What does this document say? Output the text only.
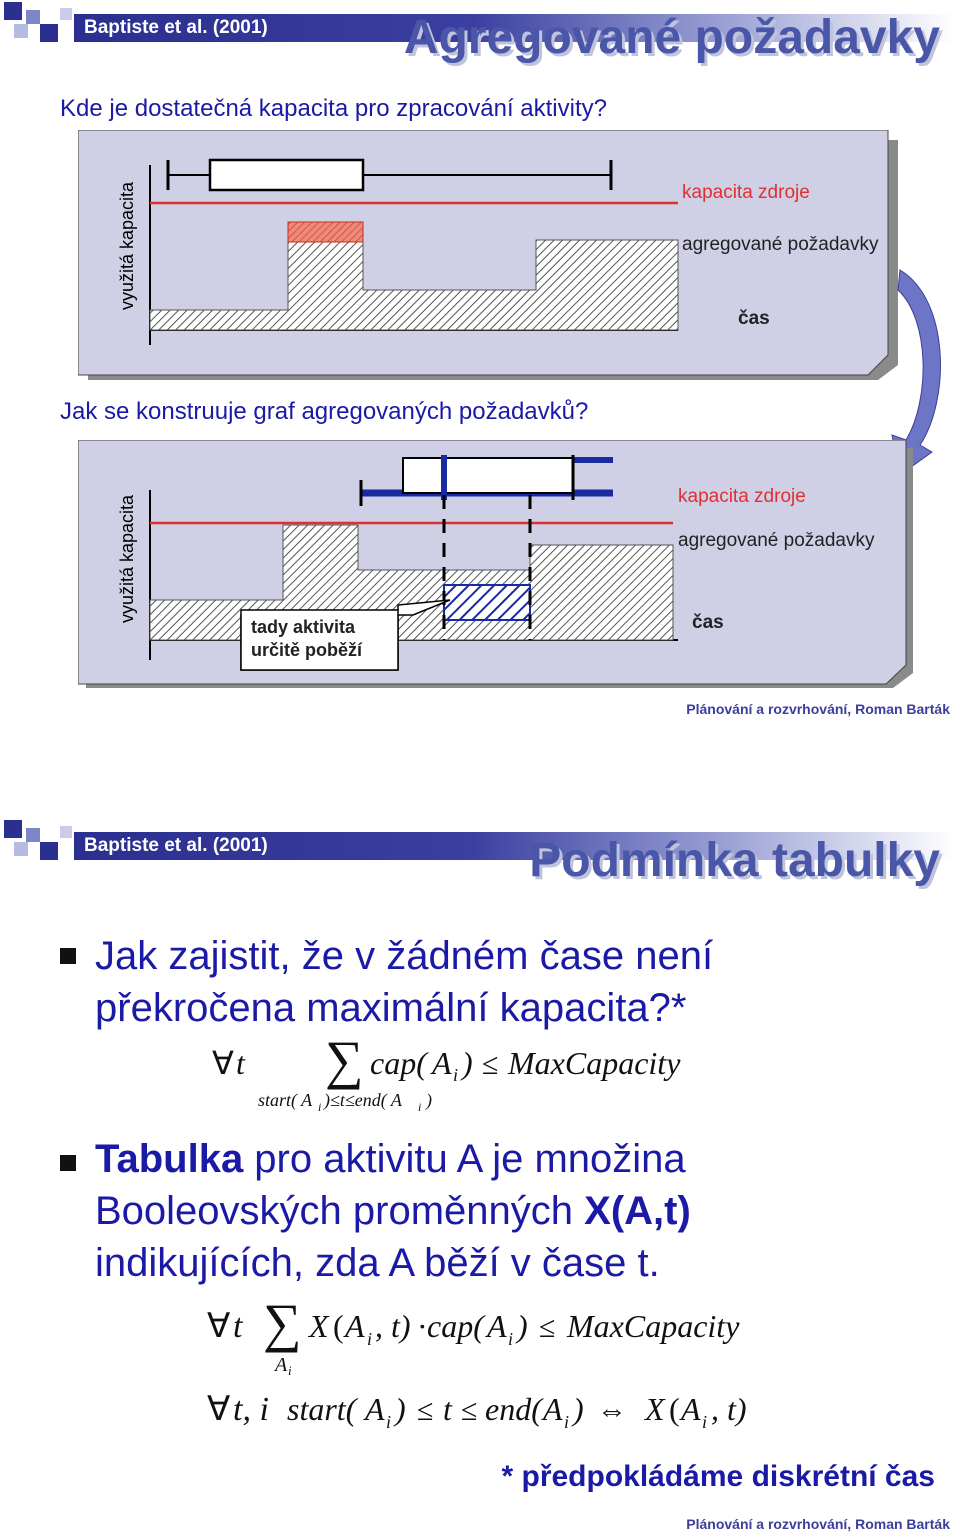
Baptiste et al. (2001)	Agregované požadavky
Kde je dostatečná kapacita pro zpracování aktivity?
využitá kapacita	kapacita zdroje
agregované požadavky
čas
Jak se konstruuje graf agregovaných požadavků?
tady aktivita
určitě poběží
využitá kapacita	kapacita zdroje
agregované požadavky
čas
Plánování a rozvrhování, Roman Barták
Baptiste et al. (2001)	Podmínka tabulky
Jak zajistit, že v žádném čase není
překročena maximální kapacita?*
∀ t ∑ cap( A i ) ≤ MaxCapacity
start( A i )≤t≤end( A i )
Tabulka pro aktivitu A je množina
Booleovských proměnných X(A,t)
indikujících, zda A běží v čase t.
∀ t ∑ X ( A i , t) · cap( A i ) ≤ MaxCapacity
A i
∀ t, i start( A i ) ≤ t ≤ end( A i ) ⇔ X ( A i , t)
* předpokládáme diskrétní čas
Plánování a rozvrhování, Roman Barták
